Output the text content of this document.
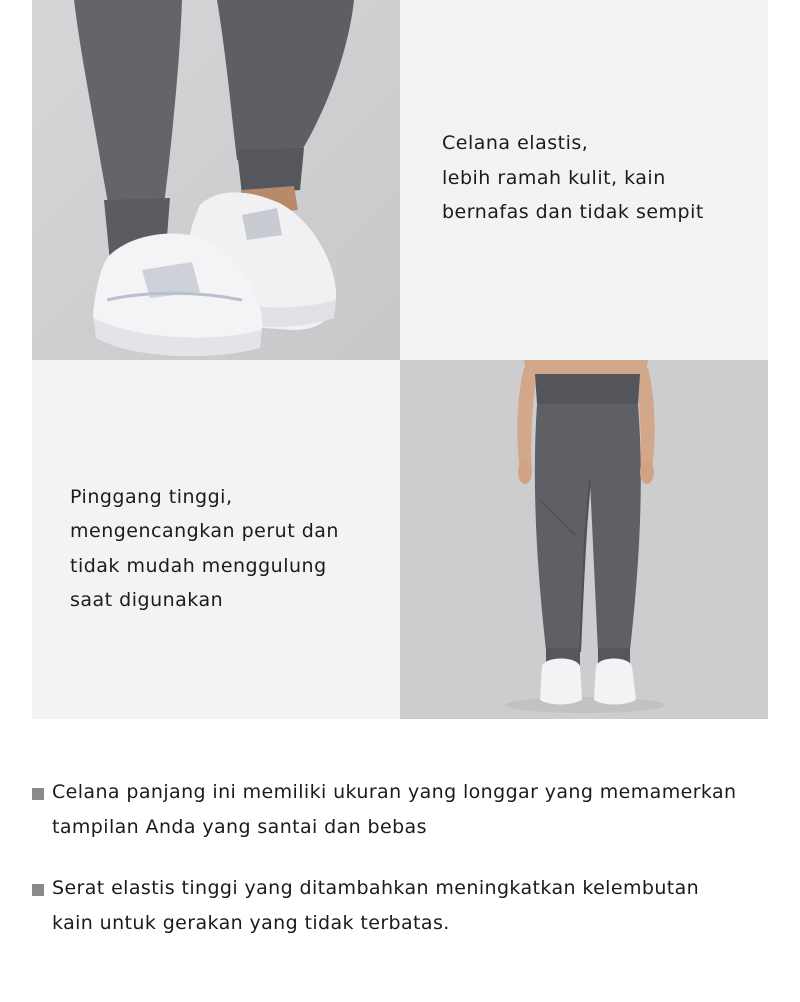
Celana elastis,
lebih ramah kulit, kain
bernafas dan tidak sempit
Pinggang tinggi,
mengencangkan perut dan
tidak mudah menggulung
saat digunakan
Celana panjang ini memiliki ukuran yang longgar yang memamerkan
tampilan Anda yang santai dan bebas
Serat elastis tinggi yang ditambahkan meningkatkan kelembutan
kain untuk gerakan yang tidak terbatas.
